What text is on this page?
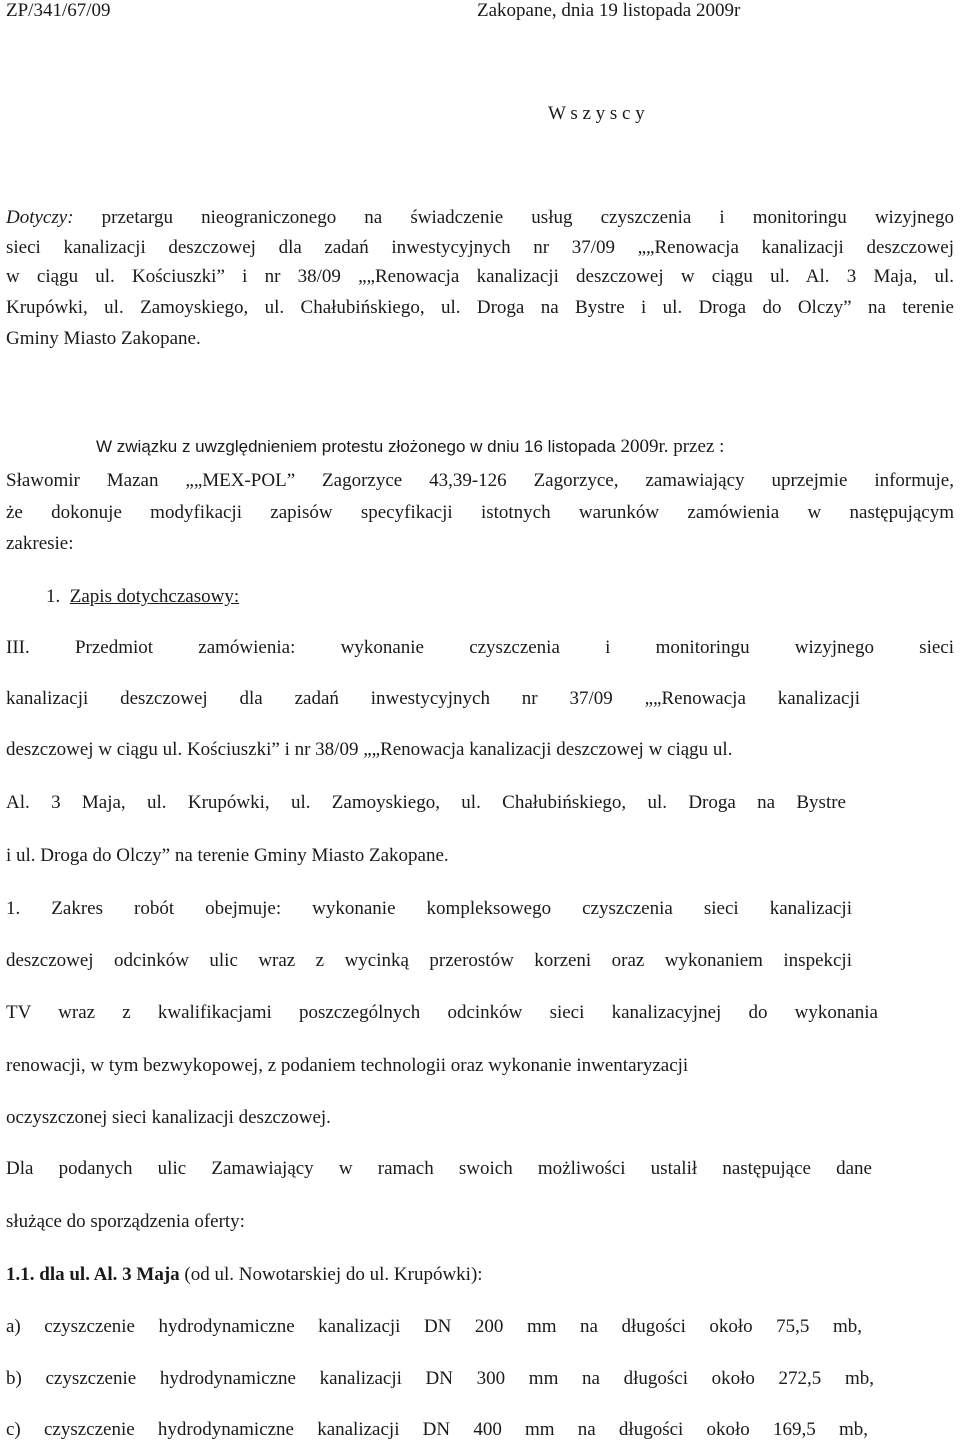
ZP/341/67/09	Zakopane, dnia 19 listopada 2009r
W s z y s c y
Dotyczy: przetargu nieograniczonego na świadczenie usług czyszczenia i monitoringu wizyjnego
sieci kanalizacji deszczowej dla zadań inwestycyjnych nr 37/09 „„Renowacja kanalizacji deszczowej
w ciągu ul. Kościuszki” i nr 38/09 „„Renowacja kanalizacji deszczowej w ciągu ul. Al. 3 Maja, ul.
Krupówki, ul. Zamoyskiego, ul. Chałubińskiego, ul. Droga na Bystre i ul. Droga do Olczy” na terenie
Gminy Miasto Zakopane.
W związku z uwzględnieniem protestu złożonego w dniu 16 listopada 2009r. przez :
Sławomir Mazan „„MEX-POL” Zagorzyce 43,39-126 Zagorzyce, zamawiający uprzejmie informuje,
że dokonuje modyfikacji zapisów specyfikacji istotnych warunków zamówienia w następującym
zakresie:
1. Zapis dotychczasowy:
III. Przedmiot zamówienia: wykonanie czyszczenia i monitoringu wizyjnego sieci
kanalizacji deszczowej dla zadań inwestycyjnych nr 37/09 „„Renowacja kanalizacji
deszczowej w ciągu ul. Kościuszki” i nr 38/09 „„Renowacja kanalizacji deszczowej w ciągu ul.
Al. 3 Maja, ul. Krupówki, ul. Zamoyskiego, ul. Chałubińskiego, ul. Droga na Bystre
i ul. Droga do Olczy” na terenie Gminy Miasto Zakopane.
1. Zakres robót obejmuje: wykonanie kompleksowego czyszczenia sieci kanalizacji
deszczowej odcinków ulic wraz z wycinką przerostów korzeni oraz wykonaniem inspekcji
TV wraz z kwalifikacjami poszczególnych odcinków sieci kanalizacyjnej do wykonania
renowacji, w tym bezwykopowej, z podaniem technologii oraz wykonanie inwentaryzacji
oczyszczonej sieci kanalizacji deszczowej.
Dla podanych ulic Zamawiający w ramach swoich możliwości ustalił następujące dane
służące do sporządzenia oferty:
1.1. dla ul. Al. 3 Maja (od ul. Nowotarskiej do ul. Krupówki):
a) czyszczenie hydrodynamiczne kanalizacji DN 200 mm na długości około 75,5 mb,
b) czyszczenie hydrodynamiczne kanalizacji DN 300 mm na długości około 272,5 mb,
c) czyszczenie hydrodynamiczne kanalizacji DN 400 mm na długości około 169,5 mb,
